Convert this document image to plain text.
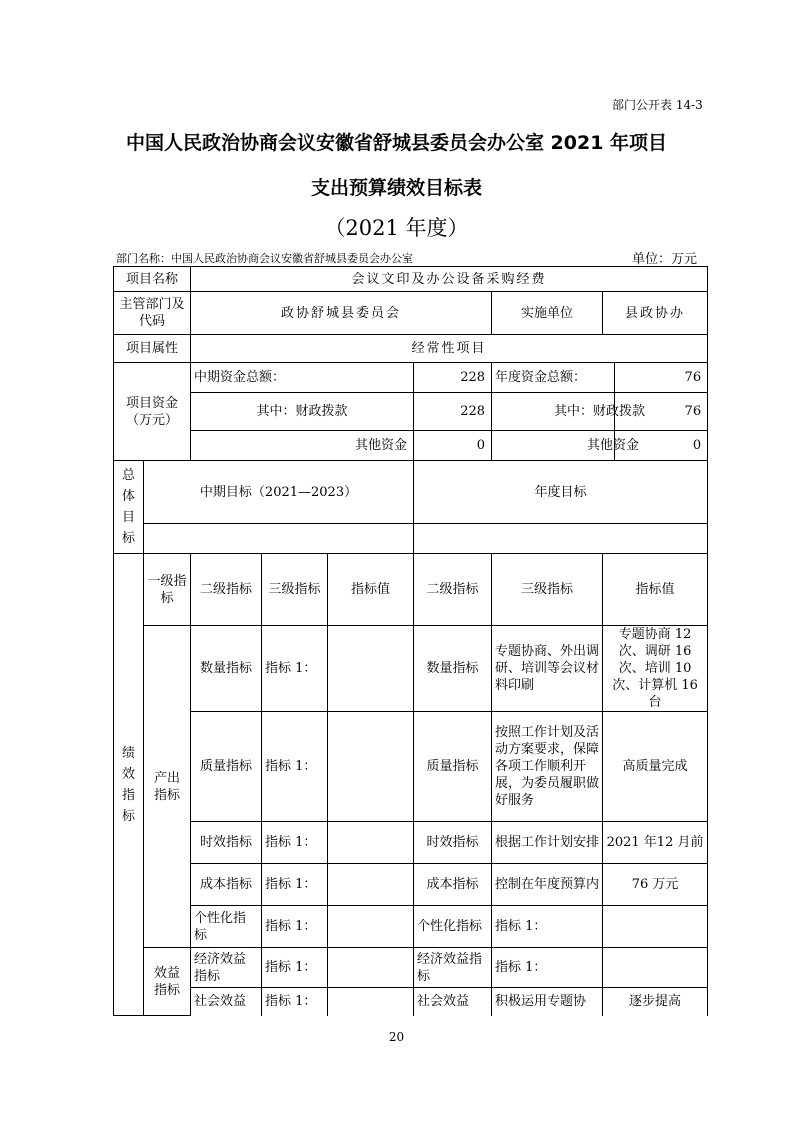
部门公开表 14-3
中国人民政治协商会议安徽省舒城县委员会办公室 2021 年项目
支出预算绩效目标表
（2021 年度）
部门名称：中国人民政治协商会议安徽省舒城县委员会办公室	单位：万元
项目名称		会议文印及办公设备采购经费					
主管部门及代码		政协舒城县委员会				实施单位	县政协办
项目属性		经常性项目					
项目资金（万元）		中期资金总额：			228	年度资金总额： 76	

		其中：财政拨款			228	其中：财政拨款 76	

		其他资金			0	其他资金 0	

总体目标	中期目标（2021—2023）				年度目标		

绩效指标	一级指标	二级指标	三级指标	指标值	二级指标	三级指标	指标值
	产出指标	数量指标	指标 1：		数量指标	专题协商、外出调研、培训等会议材料印刷	专题协商 12 次、调研 16 次、培训 10 次、计算机 16 台
		质量指标	指标 1：		质量指标	按照工作计划及活动方案要求，保障各项工作顺利开展，为委员履职做好服务	高质量完成
		时效指标	指标 1：		时效指标	根据工作计划安排	2021 年12 月前
		成本指标	指标 1：		成本指标	控制在年度预算内	76 万元
		个性化指标	指标 1：		个性化指标	指标 1：	
	效益指标	经济效益指标	指标 1：		经济效益指标	指标 1：	
		社会效益	指标 1：		社会效益	积极运用专题协	逐步提高
20
